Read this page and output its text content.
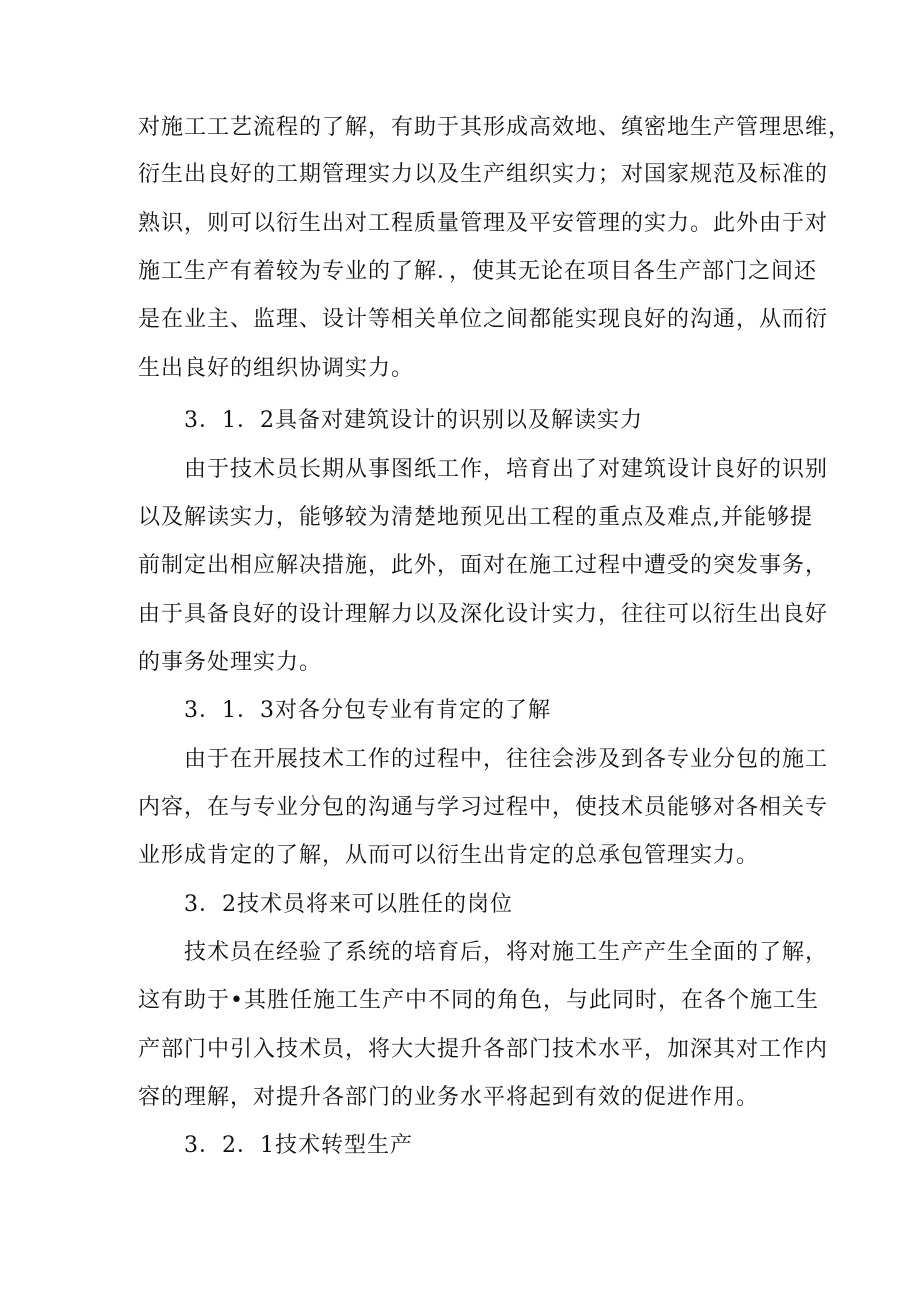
对施工工艺流程的了解，有助于其形成高效地、缜密地生产管理思维，
衍生出良好的工期管理实力以及生产组织实力；对国家规范及标准的
熟识，则可以衍生出对工程质量管理及平安管理的实力。此外由于对
施工生产有着较为专业的了解．，使其无论在项目各生产部门之间还
是在业主、监理、设计等相关单位之间都能实现良好的沟通，从而衍
生出良好的组织协调实力。
3．1．2具备对建筑设计的识别以及解读实力
由于技术员长期从事图纸工作，培育出了对建筑设计良好的识别
以及解读实力，能够较为清楚地预见出工程的重点及难点,并能够提
前制定出相应解决措施，此外，面对在施工过程中遭受的突发事务，
由于具备良好的设计理解力以及深化设计实力，往往可以衍生出良好
的事务处理实力。
3．1．3对各分包专业有肯定的了解
由于在开展技术工作的过程中，往往会涉及到各专业分包的施工
内容，在与专业分包的沟通与学习过程中，使技术员能够对各相关专
业形成肯定的了解，从而可以衍生出肯定的总承包管理实力。
3．2技术员将来可以胜任的岗位
技术员在经验了系统的培育后，将对施工生产产生全面的了解，
这有助于•其胜任施工生产中不同的角色，与此同时，在各个施工生
产部门中引入技术员，将大大提升各部门技术水平，加深其对工作内
容的理解，对提升各部门的业务水平将起到有效的促进作用。
3．2．1技术转型生产
